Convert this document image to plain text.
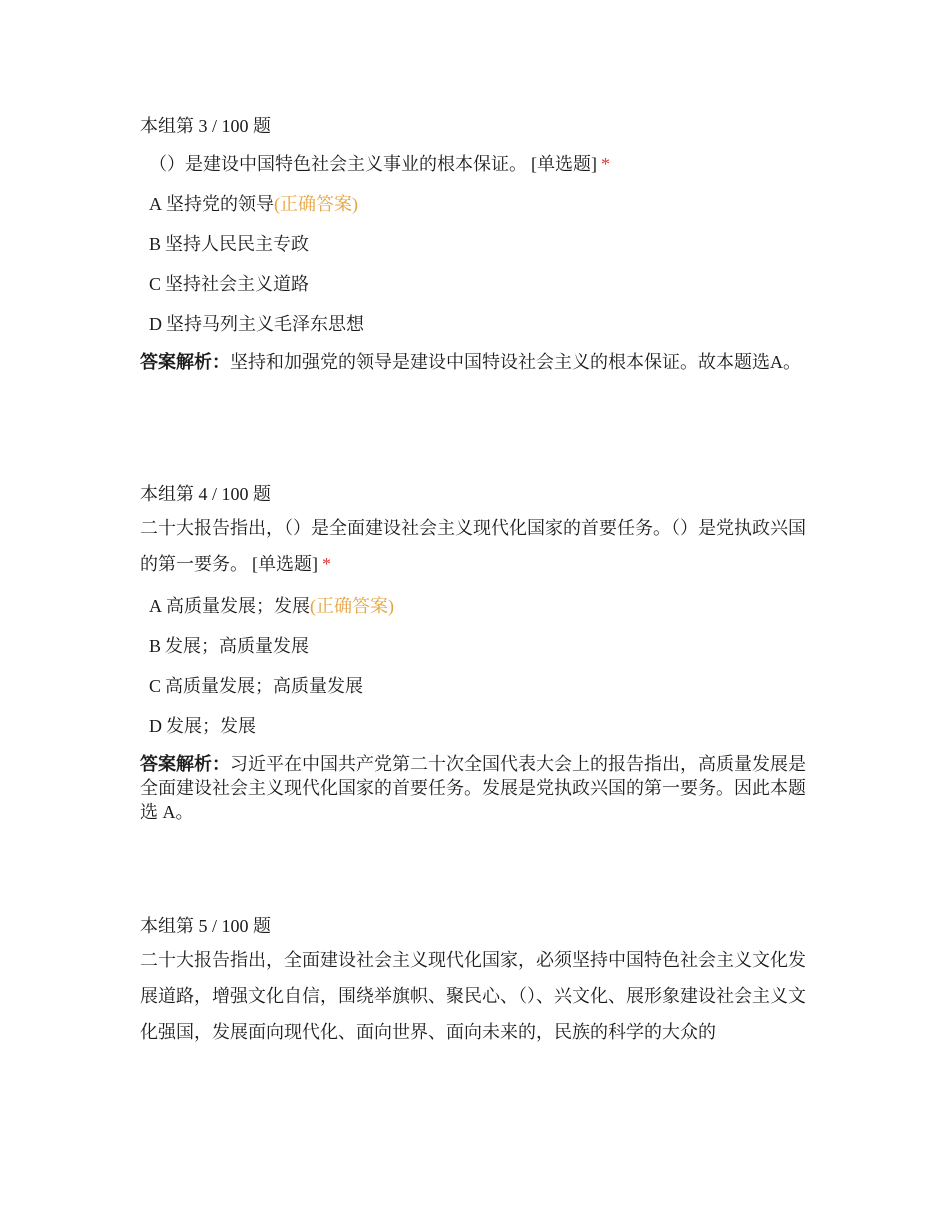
本组第 3 / 100 题

（）是建设中国特色社会主义事业的根本保证。 [单选题] *

A 坚持党的领导(正确答案)
B 坚持人民民主专政
C 坚持社会主义道路
D 坚持马列主义毛泽东思想
答案解析：坚持和加强党的领导是建设中国特设社会主义的根本保证。故本题选A。

本组第 4 / 100 题

二十大报告指出，（）是全面建设社会主义现代化国家的首要任务。（）是党执政兴国的第一要务。 [单选题] *

A 高质量发展；发展(正确答案)
B 发展；高质量发展
C 高质量发展；高质量发展
D 发展；发展
答案解析：习近平在中国共产党第二十次全国代表大会上的报告指出，高质量发展是全面建设社会主义现代化国家的首要任务。发展是党执政兴国的第一要务。因此本题选 A。

本组第 5 / 100 题

二十大报告指出，全面建设社会主义现代化国家，必须坚持中国特色社会主义文化发展道路，增强文化自信，围绕举旗帜、聚民心、（）、兴文化、展形象建设社会主义文化强国，发展面向现代化、面向世界、面向未来的，民族的科学的大众的
